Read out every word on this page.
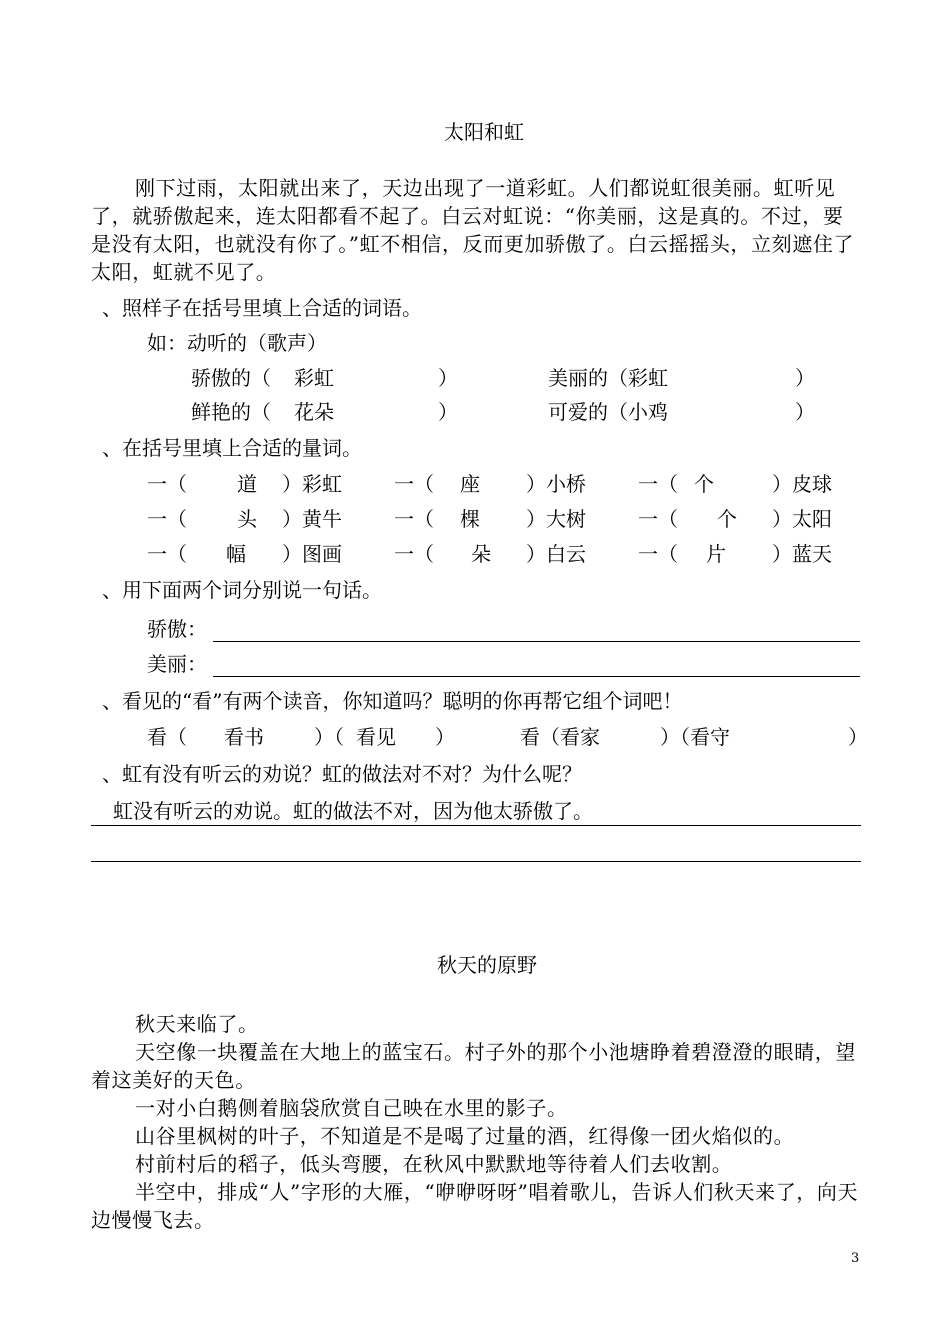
太阳和虹

刚下过雨，太阳就出来了，天边出现了一道彩虹。人们都说虹很美丽。虹听见了，就骄傲起来，连太阳都看不起了。白云对虹说：“你美丽，这是真的。不过，要是没有太阳，也就没有你了。”虹不相信，反而更加骄傲了。白云摇摇头，立刻遮住了太阳，虹就不见了。

、照样子在括号里填上合适的词语。
如：动听的（歌声）
骄傲的（ 彩虹	）	美丽的（彩虹	）
鲜艳的（ 花朵	）	可爱的（小鸡	）
、在括号里填上合适的量词。
一（	道 ）彩虹	一（ 座 ）小桥	一（ 个	）皮球
一（	头 ）黄牛	一（ 棵 ）大树	一（ 个 ）太阳
一（ 幅 ）图画	一（ 朵 ）白云	一（ 片 ）蓝天
、用下面两个词分别说一句话。
骄傲：
美丽：
、看见的“看”有两个读音，你知道吗？聪明的你再帮它组个词吧！
看（ 看书	）（ 看见 ）	看（看家	）（看守	）
、虹有没有听云的劝说？虹的做法对不对？为什么呢？
虹没有听云的劝说。虹的做法不对，因为他太骄傲了。
秋天的原野

秋天来临了。

天空像一块覆盖在大地上的蓝宝石。村子外的那个小池塘睁着碧澄澄的眼睛，望着这美好的天色。

一对小白鹅侧着脑袋欣赏自己映在水里的影子。

山谷里枫树的叶子，不知道是不是喝了过量的酒，红得像一团火焰似的。

村前村后的稻子，低头弯腰，在秋风中默默地等待着人们去收割。

半空中，排成“人”字形的大雁，“咿咿呀呀”唱着歌儿，告诉人们秋天来了，向天边慢慢飞去。

3
